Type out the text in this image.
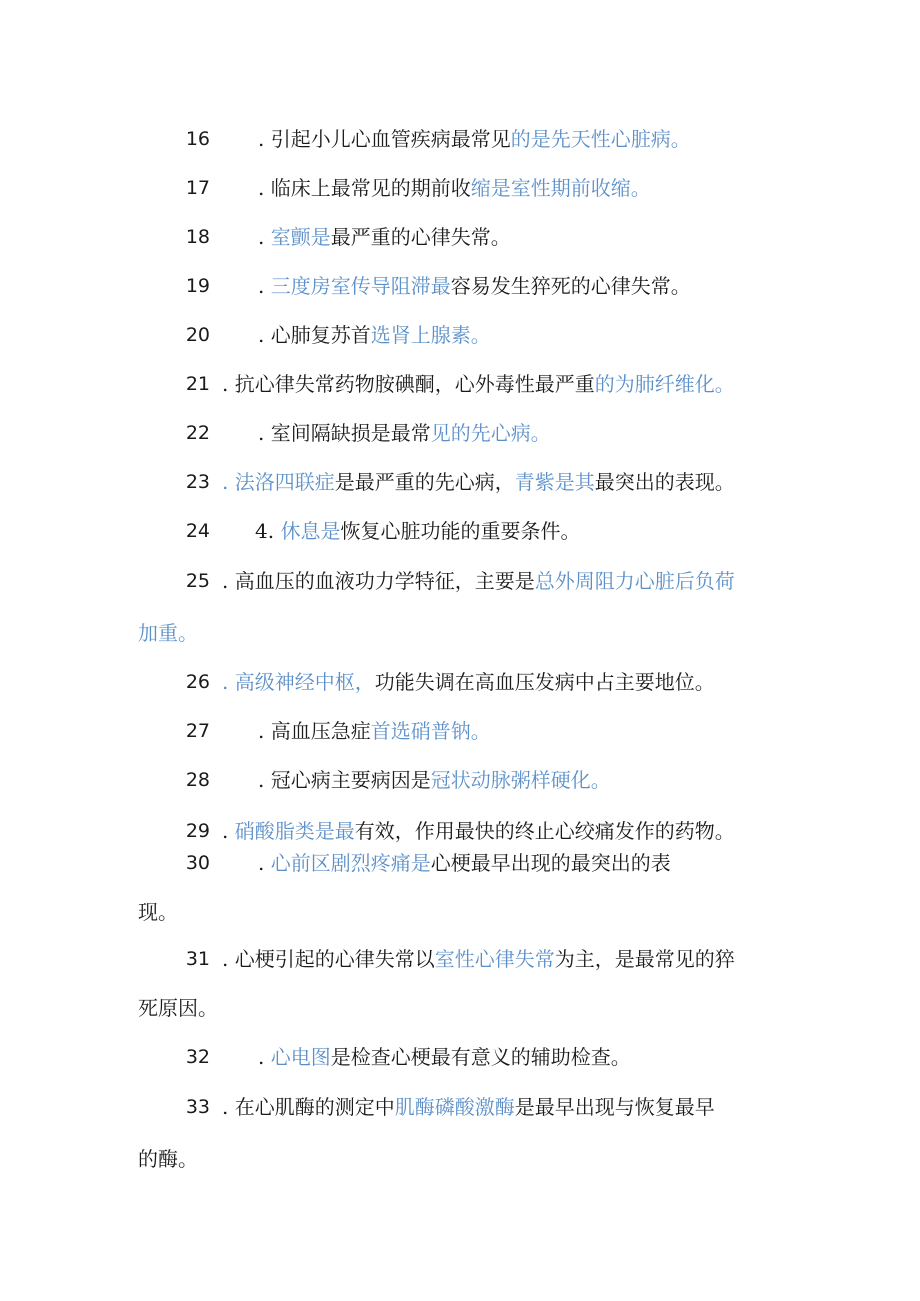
16 . 引起小儿心血管疾病最常见的是先天性心脏病。
17 . 临床上最常见的期前收缩是室性期前收缩。
18 . 室颤是最严重的心律失常。
19 . 三度房室传导阻滞最容易发生猝死的心律失常。
20 . 心肺复苏首选肾上腺素。
21 . 抗心律失常药物胺碘酮，心外毒性最严重的为肺纤维化。
22 . 室间隔缺损是最常见的先心病。
23 . 法洛四联症是最严重的先心病，青紫是其最突出的表现。
24 4. 休息是恢复心脏功能的重要条件。
25 . 高血压的血液功力学特征，主要是总外周阻力心脏后负荷
加重。
26 . 高级神经中枢，功能失调在高血压发病中占主要地位。
27 . 高血压急症首选硝普钠。
28 . 冠心病主要病因是冠状动脉粥样硬化。
29 . 硝酸脂类是最有效，作用最快的终止心绞痛发作的药物。
30 . 心前区剧烈疼痛是心梗最早出现的最突出的表
现。
31 . 心梗引起的心律失常以室性心律失常为主，是最常见的猝
死原因。
32 . 心电图是检查心梗最有意义的辅助检查。
33 . 在心肌酶的测定中肌酶磷酸激酶是最早出现与恢复最早
的酶。
